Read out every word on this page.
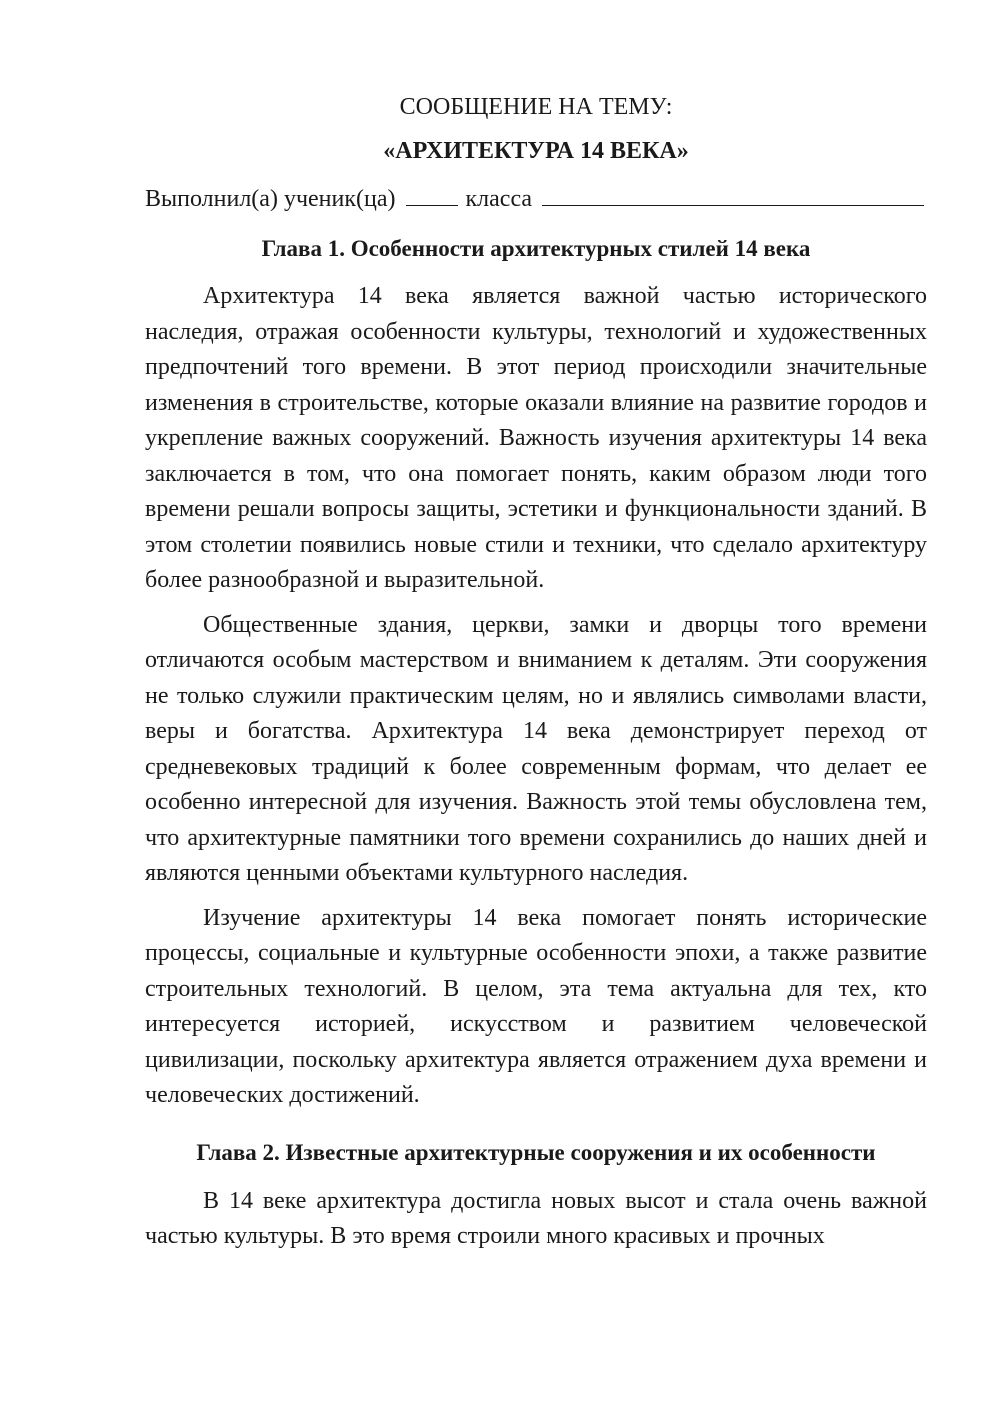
СООБЩЕНИЕ НА ТЕМУ:

«АРХИТЕКТУРА 14 ВЕКА»

Выполнил(а) ученик(ца)	класса

Глава 1. Особенности архитектурных стилей 14 века

Архитектура 14 века является важной частью исторического наследия, отражая особенности культуры, технологий и художественных предпочтений того времени. В этот период происходили значительные изменения в строительстве, которые оказали влияние на развитие городов и укрепление важных сооружений. Важность изучения архитектуры 14 века заключается в том, что она помогает понять, каким образом люди того времени решали вопросы защиты, эстетики и функциональности зданий. В этом столетии появились новые стили и техники, что сделало архитектуру более разнообразной и выразительной.

Общественные здания, церкви, замки и дворцы того времени отличаются особым мастерством и вниманием к деталям. Эти сооружения не только служили практическим целям, но и являлись символами власти, веры и богатства. Архитектура 14 века демонстрирует переход от средневековых традиций к более современным формам, что делает ее особенно интересной для изучения. Важность этой темы обусловлена тем, что архитектурные памятники того времени сохранились до наших дней и являются ценными объектами культурного наследия.

Изучение архитектуры 14 века помогает понять исторические процессы, социальные и культурные особенности эпохи, а также развитие строительных технологий. В целом, эта тема актуальна для тех, кто интересуется историей, искусством и развитием человеческой цивилизации, поскольку архитектура является отражением духа времени и человеческих достижений.

Глава 2. Известные архитектурные сооружения и их особенности

В 14 веке архитектура достигла новых высот и стала очень важной частью культуры. В это время строили много красивых и прочных
